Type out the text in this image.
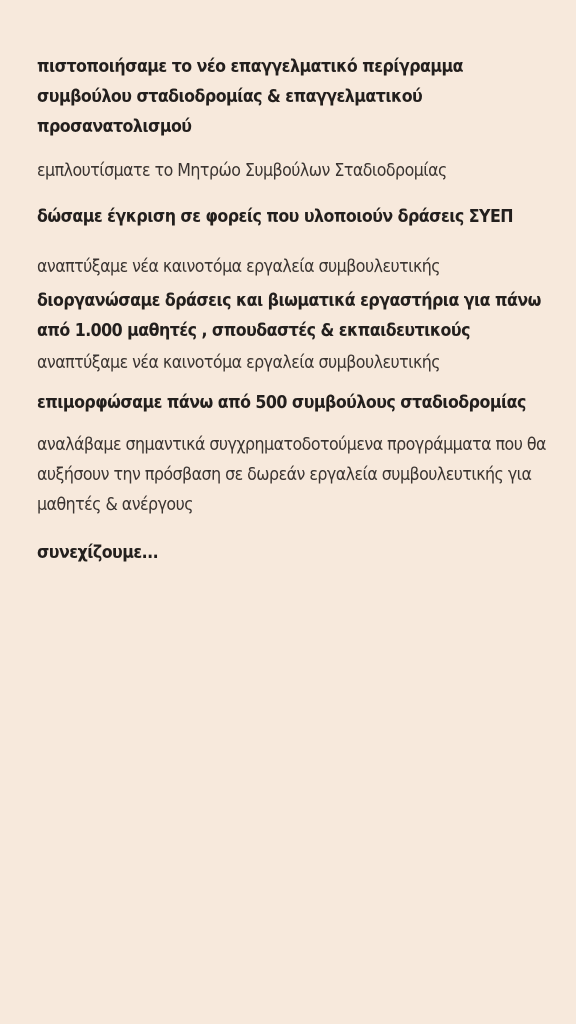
πιστοποιήσαμε το νέο επαγγελματικό περίγραμμα συμβούλου σταδιοδρομίας & επαγγελματικού προσανατολισμού

εμπλουτίσματε το Μητρώο Συμβούλων Σταδιοδρομίας

δώσαμε έγκριση σε φορείς που υλοποιούν δράσεις ΣΥΕΠ

αναπτύξαμε νέα καινοτόμα εργαλεία συμβουλευτικής

διοργανώσαμε δράσεις και βιωματικά εργαστήρια για πάνω από 1.000 μαθητές , σπουδαστές & εκπαιδευτικούς

αναπτύξαμε νέα καινοτόμα εργαλεία συμβουλευτικής

επιμορφώσαμε πάνω από 500 συμβούλους σταδιοδρομίας

αναλάβαμε σημαντικά συγχρηματοδοτούμενα προγράμματα που θα αυξήσουν την πρόσβαση σε δωρεάν εργαλεία συμβουλευτικής για μαθητές & ανέργους

συνεχίζουμε...
